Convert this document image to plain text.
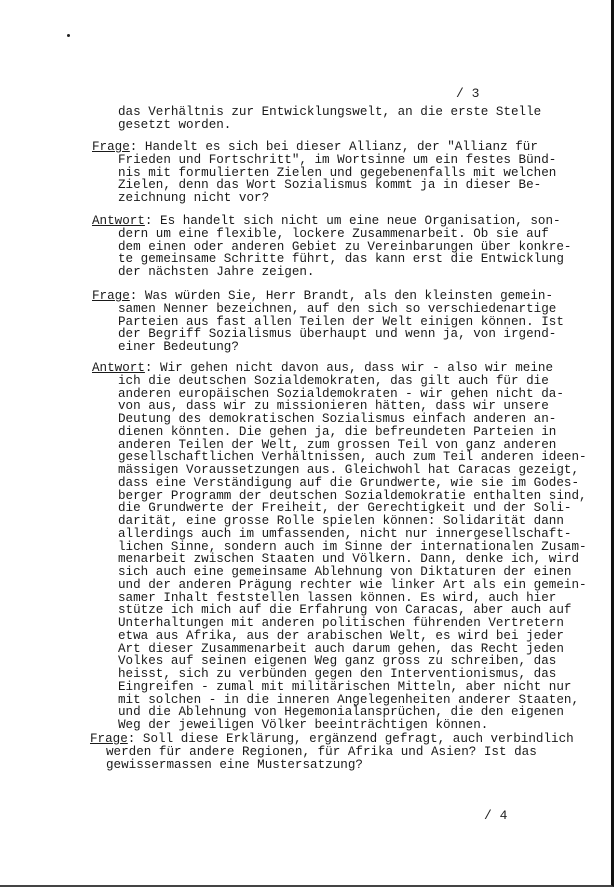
/ 3
/ 4
das Verhältnis zur Entwicklungswelt, an die erste Stelle
gesetzt worden.
Frage: Handelt es sich bei dieser Allianz, der "Allianz für
Frieden und Fortschritt", im Wortsinne um ein festes Bünd-
nis mit formulierten Zielen und gegebenenfalls mit welchen
Zielen, denn das Wort Sozialismus kommt ja in dieser Be-
zeichnung nicht vor?
Antwort: Es handelt sich nicht um eine neue Organisation, son-
dern um eine flexible, lockere Zusammenarbeit. Ob sie auf
dem einen oder anderen Gebiet zu Vereinbarungen über konkre-
te gemeinsame Schritte führt, das kann erst die Entwicklung
der nächsten Jahre zeigen.
Frage: Was würden Sie, Herr Brandt, als den kleinsten gemein-
samen Nenner bezeichnen, auf den sich so verschiedenartige
Parteien aus fast allen Teilen der Welt einigen können. Ist
der Begriff Sozialismus überhaupt und wenn ja, von irgend-
einer Bedeutung?
Antwort: Wir gehen nicht davon aus, dass wir - also wir meine
ich die deutschen Sozialdemokraten, das gilt auch für die
anderen europäischen Sozialdemokraten - wir gehen nicht da-
von aus, dass wir zu missionieren hätten, dass wir unsere
Deutung des demokratischen Sozialismus einfach anderen an-
dienen könnten. Die gehen ja, die befreundeten Parteien in
anderen Teilen der Welt, zum grossen Teil von ganz anderen
gesellschaftlichen Verhältnissen, auch zum Teil anderen ideen-
mässigen Voraussetzungen aus. Gleichwohl hat Caracas gezeigt,
dass eine Verständigung auf die Grundwerte, wie sie im Godes-
berger Programm der deutschen Sozialdemokratie enthalten sind,
die Grundwerte der Freiheit, der Gerechtigkeit und der Soli-
darität, eine grosse Rolle spielen können: Solidarität dann
allerdings auch im umfassenden, nicht nur innergesellschaft-
lichen Sinne, sondern auch im Sinne der internationalen Zusam-
menarbeit zwischen Staaten und Völkern. Dann, denke ich, wird
sich auch eine gemeinsame Ablehnung von Diktaturen der einen
und der anderen Prägung rechter wie linker Art als ein gemein-
samer Inhalt feststellen lassen können. Es wird, auch hier
stütze ich mich auf die Erfahrung von Caracas, aber auch auf
Unterhaltungen mit anderen politischen führenden Vertretern
etwa aus Afrika, aus der arabischen Welt, es wird bei jeder
Art dieser Zusammenarbeit auch darum gehen, das Recht jeden
Volkes auf seinen eigenen Weg ganz gross zu schreiben, das
heisst, sich zu verbünden gegen den Interventionismus, das
Eingreifen - zumal mit militärischen Mitteln, aber nicht nur
mit solchen - in die inneren Angelegenheiten anderer Staaten,
und die Ablehnung von Hegemonialansprüchen, die den eigenen
Weg der jeweiligen Völker beeinträchtigen können.
Frage: Soll diese Erklärung, ergänzend gefragt, auch verbindlich
werden für andere Regionen, für Afrika und Asien? Ist das
gewissermassen eine Mustersatzung?
